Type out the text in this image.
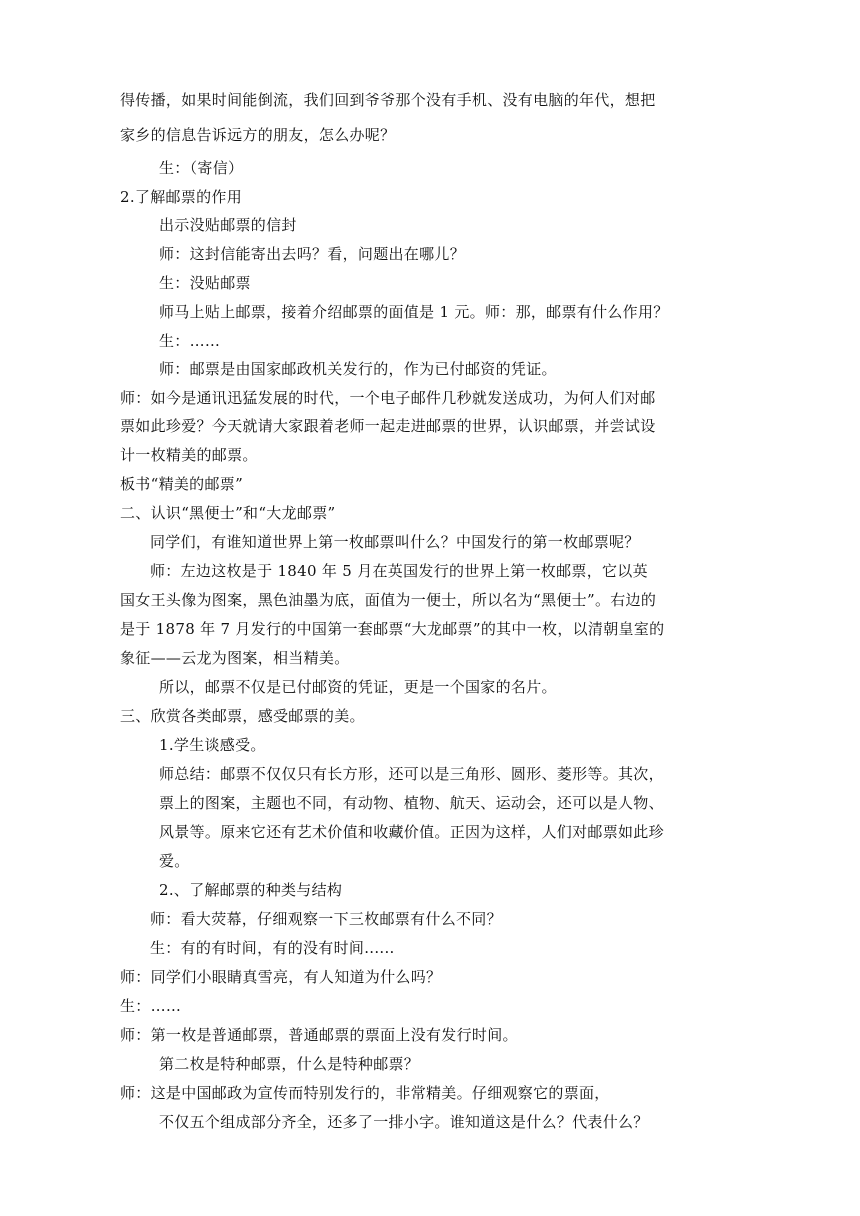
得传播，如果时间能倒流，我们回到爷爷那个没有手机、没有电脑的年代，想把
家乡的信息告诉远方的朋友，怎么办呢？
生：（寄信）
2.了解邮票的作用
出示没贴邮票的信封
师：这封信能寄出去吗？看，问题出在哪儿？
生：没贴邮票
师马上贴上邮票，接着介绍邮票的面值是 1 元。师：那，邮票有什么作用？
生：……
师：邮票是由国家邮政机关发行的，作为已付邮资的凭证。
师：如今是通讯迅猛发展的时代，一个电子邮件几秒就发送成功，为何人们对邮
票如此珍爱？今天就请大家跟着老师一起走进邮票的世界，认识邮票，并尝试设
计一枚精美的邮票。
板书“精美的邮票”
二、认识“黑便士”和“大龙邮票”
同学们，有谁知道世界上第一枚邮票叫什么？中国发行的第一枚邮票呢？
师：左边这枚是于 1840 年 5 月在英国发行的世界上第一枚邮票，它以英
国女王头像为图案，黑色油墨为底，面值为一便士，所以名为“黑便士”。右边的
是于 1878 年 7 月发行的中国第一套邮票“大龙邮票”的其中一枚，以清朝皇室的
象征——云龙为图案，相当精美。
所以，邮票不仅是已付邮资的凭证，更是一个国家的名片。
三、欣赏各类邮票，感受邮票的美。
1.学生谈感受。
师总结：邮票不仅仅只有长方形，还可以是三角形、圆形、菱形等。其次，
票上的图案，主题也不同，有动物、植物、航天、运动会，还可以是人物、
风景等。原来它还有艺术价值和收藏价值。正因为这样，人们对邮票如此珍
爱。
2.、了解邮票的种类与结构
师：看大荧幕，仔细观察一下三枚邮票有什么不同？
生：有的有时间，有的没有时间......
师：同学们小眼睛真雪亮，有人知道为什么吗？
生：……
师：第一枚是普通邮票，普通邮票的票面上没有发行时间。
第二枚是特种邮票，什么是特种邮票？
师：这是中国邮政为宣传而特别发行的，非常精美。仔细观察它的票面，
不仅五个组成部分齐全，还多了一排小字。谁知道这是什么？代表什么？
